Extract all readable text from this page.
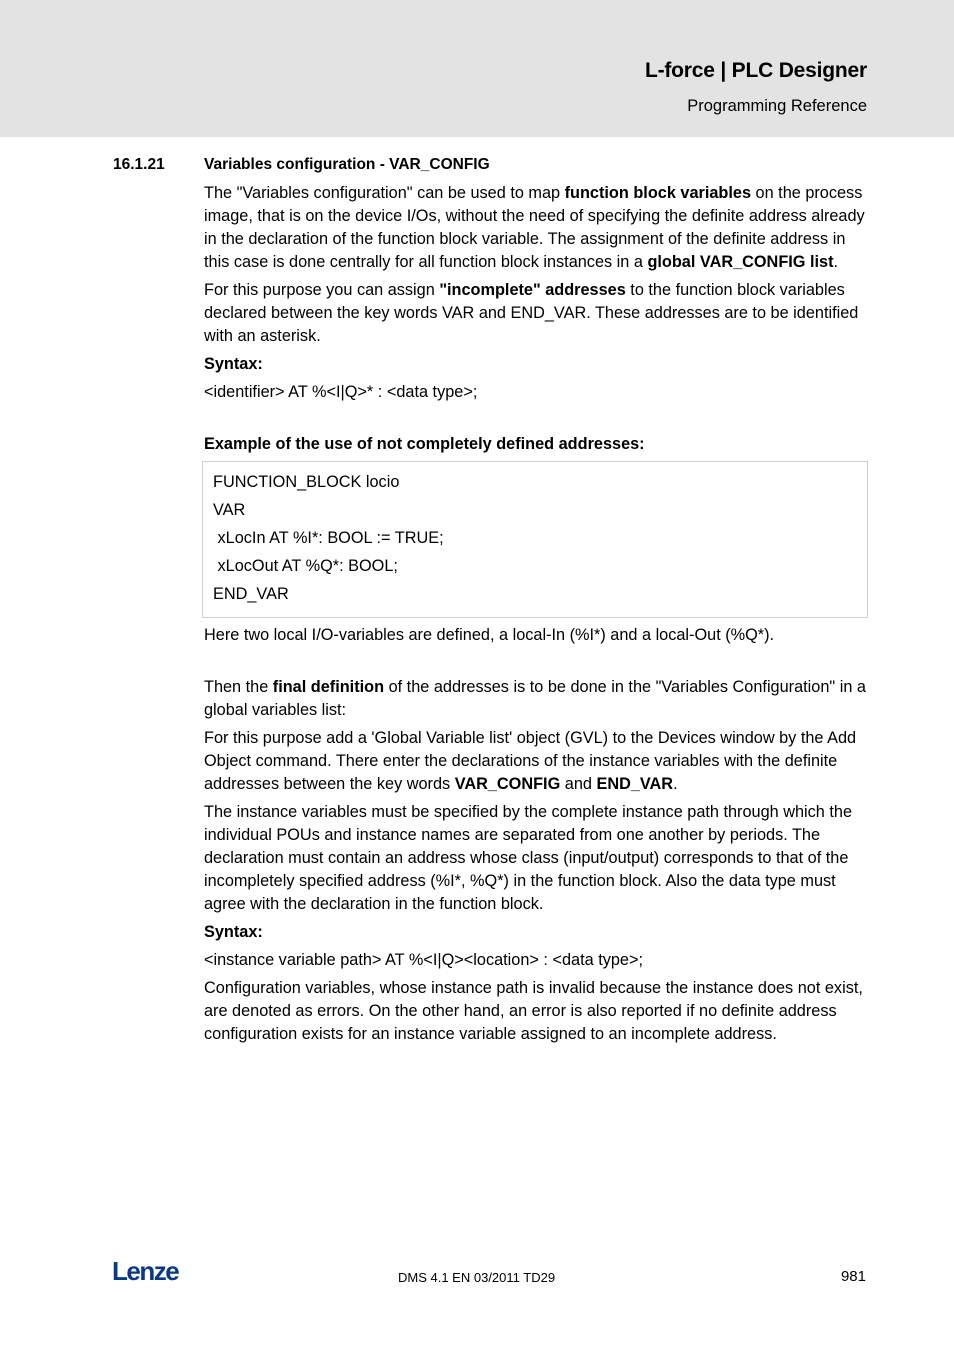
L-force | PLC Designer
Programming Reference
16.1.21	Variables configuration - VAR_CONFIG

The "Variables configuration" can be used to map function block variables on the process image, that is on the device I/Os, without the need of specifying the definite address already in the declaration of the function block variable. The assignment of the definite address in this case is done centrally for all function block instances in a global VAR_CONFIG list.

For this purpose you can assign "incomplete" addresses to the function block variables declared between the key words VAR and END_VAR. These addresses are to be identified with an asterisk.

Syntax:

<identifier> AT %<I|Q>* : <data type>;

Example of the use of not completely defined addresses:

FUNCTION_BLOCK locio
VAR
xLocIn AT %I*: BOOL := TRUE;
xLocOut AT %Q*: BOOL;
END_VAR

Here two local I/O-variables are defined, a local-In (%I*) and a local-Out (%Q*).

Then the final definition of the addresses is to be done in the "Variables Configuration" in a global variables list:

For this purpose add a 'Global Variable list' object (GVL) to the Devices window by the Add Object command. There enter the declarations of the instance variables with the definite addresses between the key words VAR_CONFIG and END_VAR.

The instance variables must be specified by the complete instance path through which the individual POUs and instance names are separated from one another by periods. The declaration must contain an address whose class (input/output) corresponds to that of the incompletely specified address (%I*, %Q*) in the function block. Also the data type must agree with the declaration in the function block.

Syntax:

<instance variable path> AT %<I|Q><location> : <data type>;

Configuration variables, whose instance path is invalid because the instance does not exist, are denoted as errors. On the other hand, an error is also reported if no definite address configuration exists for an instance variable assigned to an incomplete address.

Lenze	DMS 4.1 EN 03/2011 TD29	981
